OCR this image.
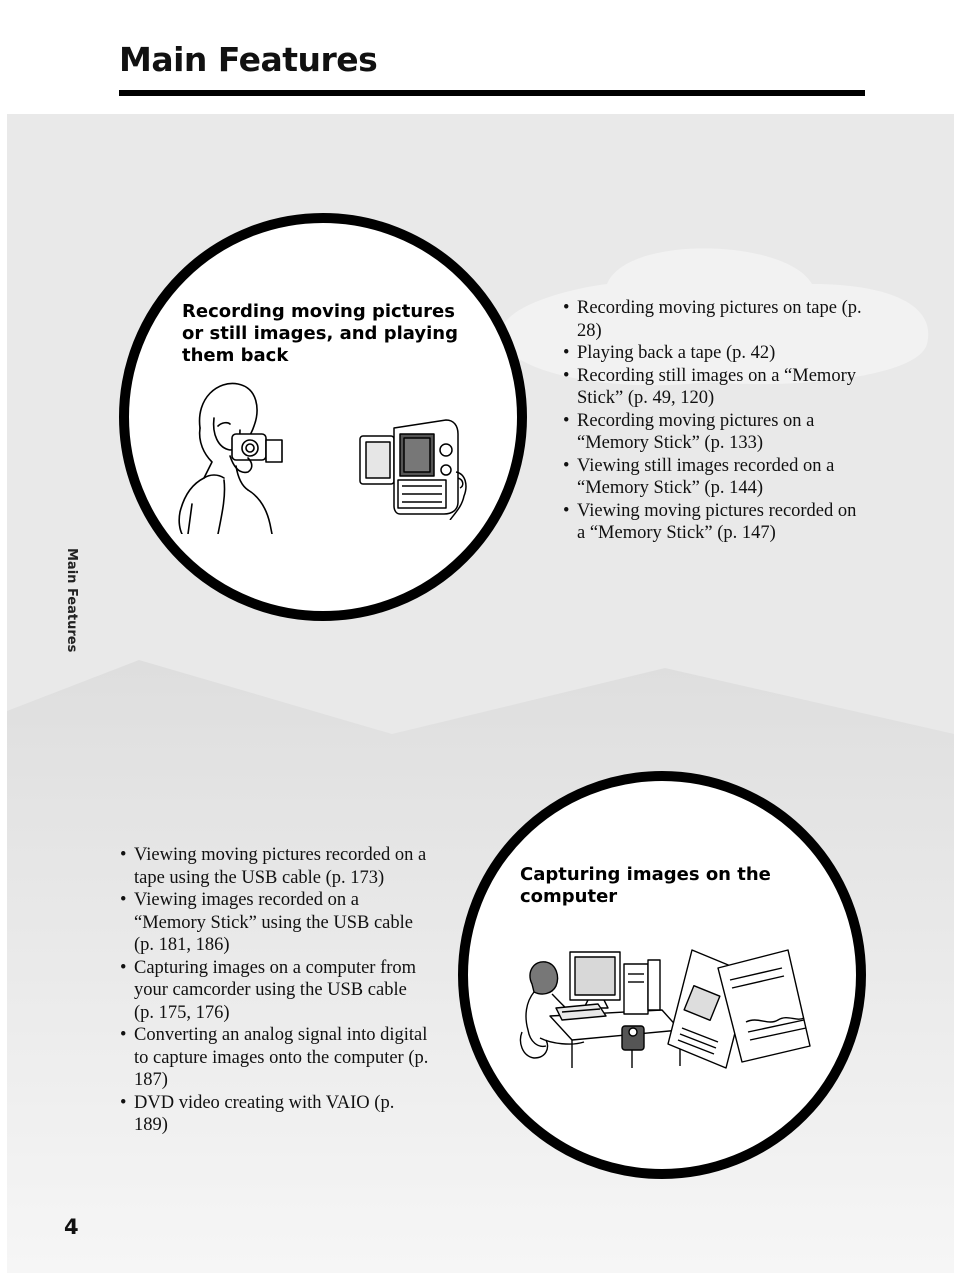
Main Features
Main Features
Recording moving pictures or still images, and playing them back
• Recording moving pictures on tape (p. 28)
• Playing back a tape (p. 42)
• Recording still images on a “Memory Stick” (p. 49, 120)
• Recording moving pictures on a “Memory Stick” (p. 133)
• Viewing still images recorded on a “Memory Stick” (p. 144)
• Viewing moving pictures recorded on a “Memory Stick” (p. 147)
• Viewing moving pictures recorded on a tape using the USB cable (p. 173)
• Viewing images recorded on a “Memory Stick” using the USB cable (p. 181, 186)
• Capturing images on a computer from your camcorder using the USB cable (p. 175, 176)
• Converting an analog signal into digital to capture images onto the computer (p. 187)
• DVD video creating with VAIO (p. 189)
Capturing images on the computer
4
